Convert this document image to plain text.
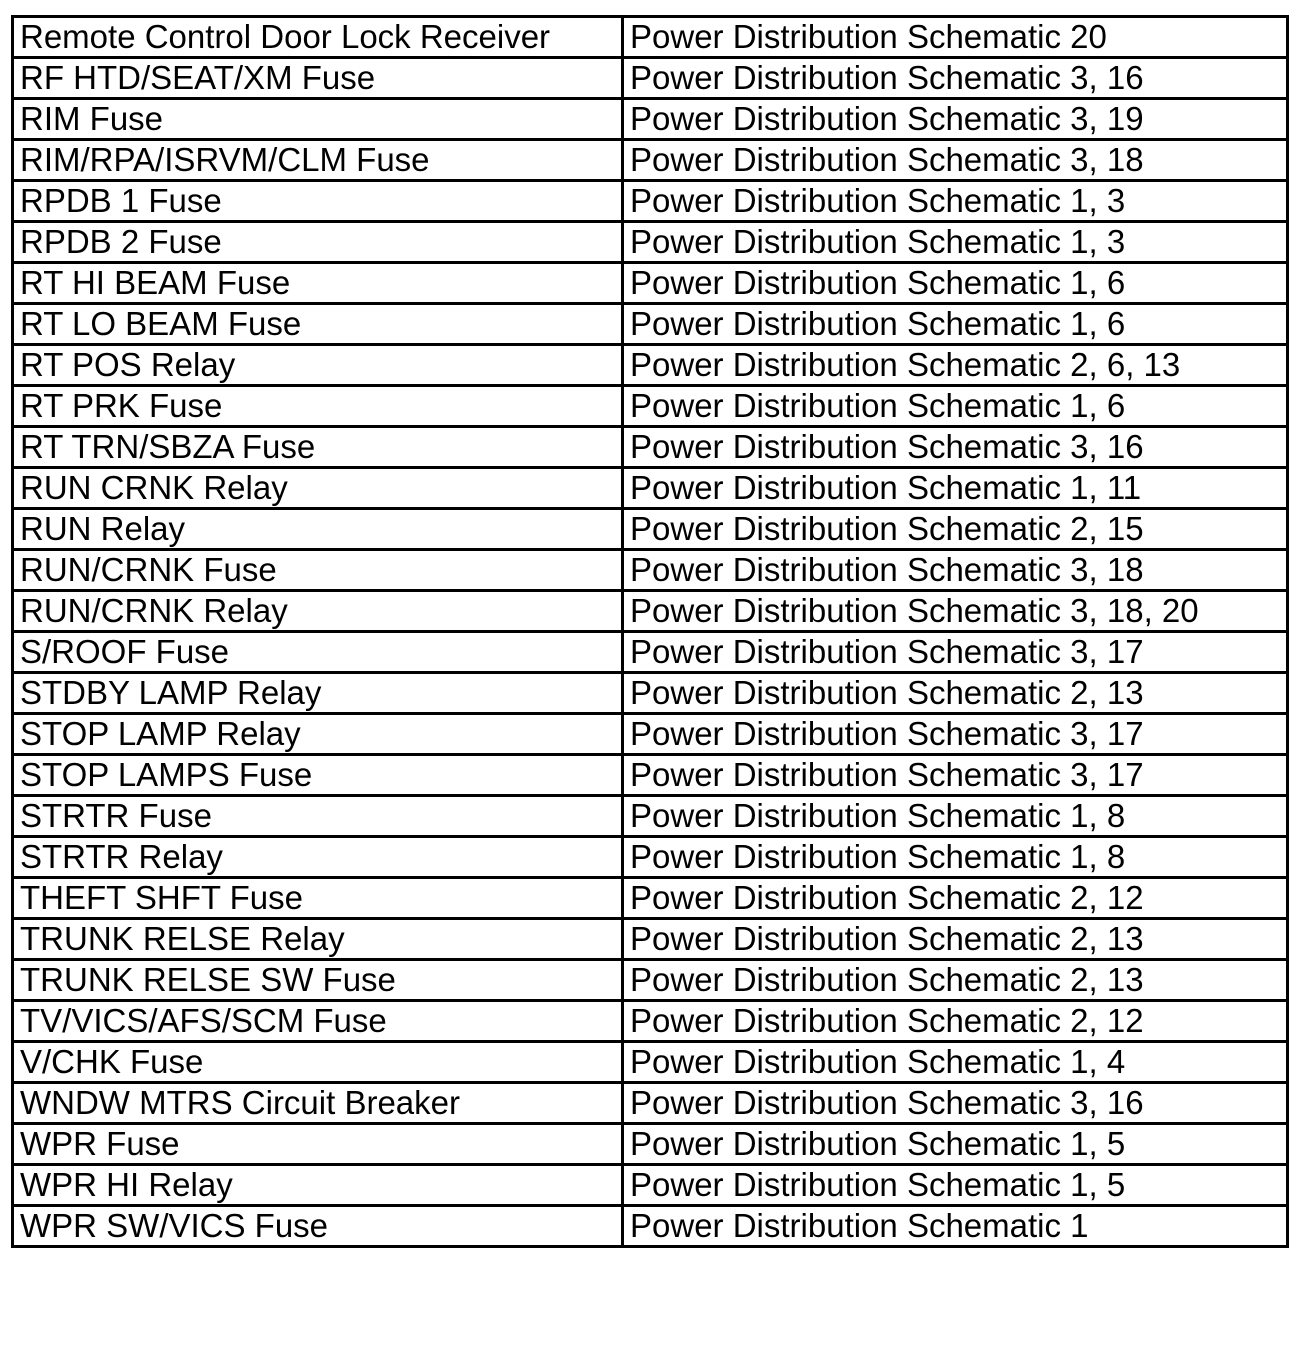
Remote Control Door Lock Receiver	Power Distribution Schematic 20
RF HTD/SEAT/XM Fuse	Power Distribution Schematic 3, 16
RIM Fuse	Power Distribution Schematic 3, 19
RIM/RPA/ISRVM/CLM Fuse	Power Distribution Schematic 3, 18
RPDB 1 Fuse	Power Distribution Schematic 1, 3
RPDB 2 Fuse	Power Distribution Schematic 1, 3
RT HI BEAM Fuse	Power Distribution Schematic 1, 6
RT LO BEAM Fuse	Power Distribution Schematic 1, 6
RT POS Relay	Power Distribution Schematic 2, 6, 13
RT PRK Fuse	Power Distribution Schematic 1, 6
RT TRN/SBZA Fuse	Power Distribution Schematic 3, 16
RUN CRNK Relay	Power Distribution Schematic 1, 11
RUN Relay	Power Distribution Schematic 2, 15
RUN/CRNK Fuse	Power Distribution Schematic 3, 18
RUN/CRNK Relay	Power Distribution Schematic 3, 18, 20
S/ROOF Fuse	Power Distribution Schematic 3, 17
STDBY LAMP Relay	Power Distribution Schematic 2, 13
STOP LAMP Relay	Power Distribution Schematic 3, 17
STOP LAMPS Fuse	Power Distribution Schematic 3, 17
STRTR Fuse	Power Distribution Schematic 1, 8
STRTR Relay	Power Distribution Schematic 1, 8
THEFT SHFT Fuse	Power Distribution Schematic 2, 12
TRUNK RELSE Relay	Power Distribution Schematic 2, 13
TRUNK RELSE SW Fuse	Power Distribution Schematic 2, 13
TV/VICS/AFS/SCM Fuse	Power Distribution Schematic 2, 12
V/CHK Fuse	Power Distribution Schematic 1, 4
WNDW MTRS Circuit Breaker	Power Distribution Schematic 3, 16
WPR Fuse	Power Distribution Schematic 1, 5
WPR HI Relay	Power Distribution Schematic 1, 5
WPR SW/VICS Fuse	Power Distribution Schematic 1
